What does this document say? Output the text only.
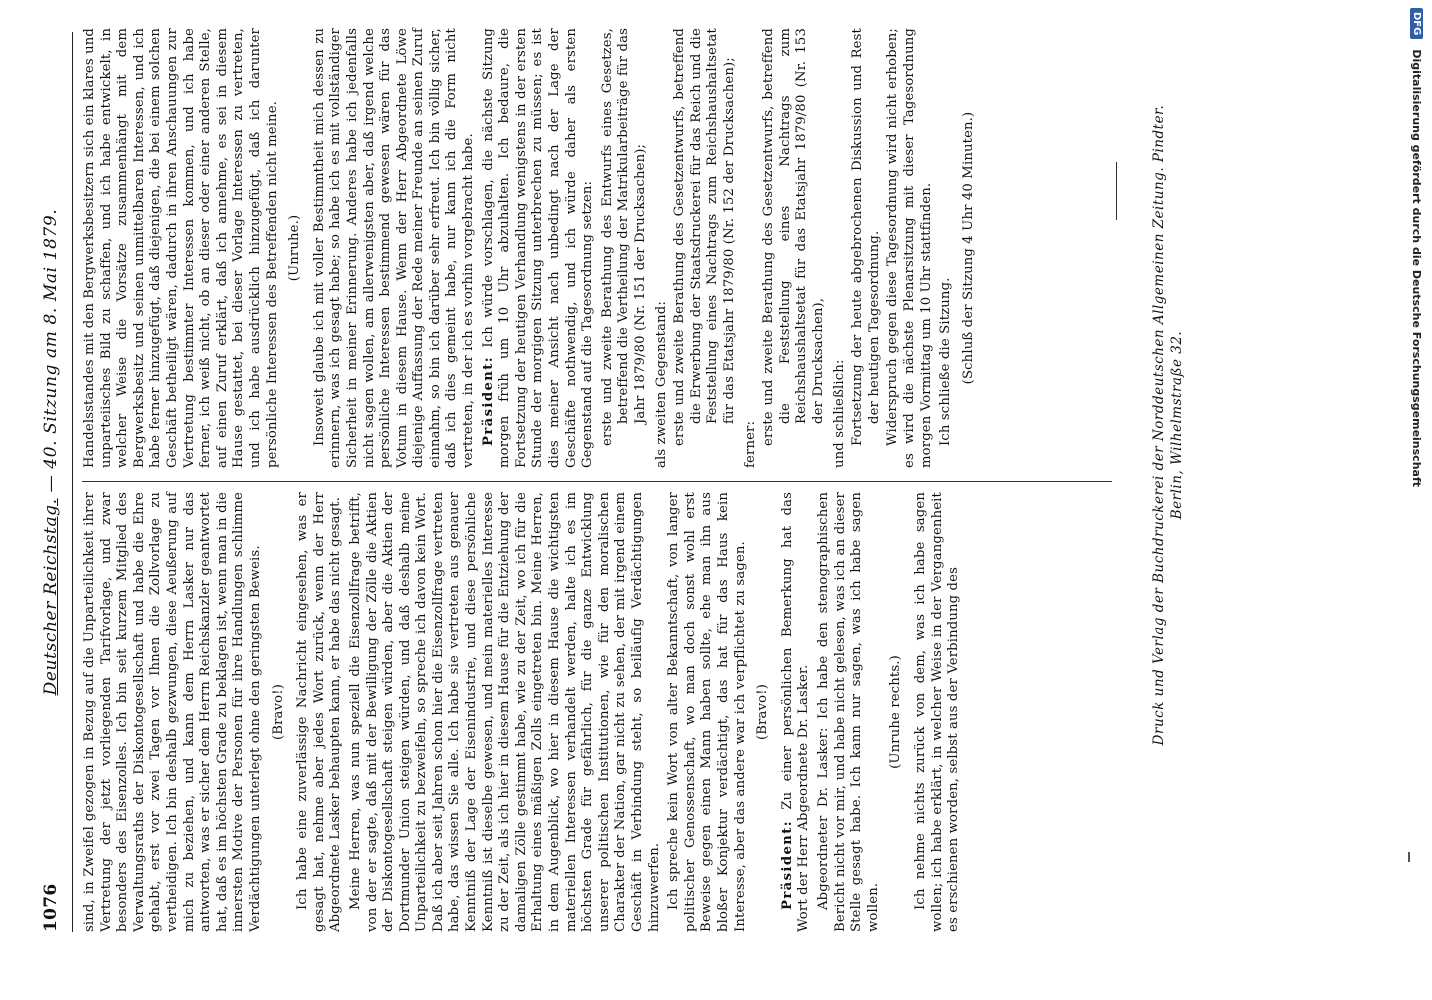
1076
Deutscher Reichstag. — 40. Sitzung am 8. Mai 1879.

sind, in Zweifel gezogen in Bezug auf die Unparteilichkeit ihrer Vertretung der jetzt vorliegenden Tarifvorlage, und zwar besonders des Eisenzolles. Ich bin seit kurzem Mitglied des Verwaltungsraths der Diskontogesellschaft und habe die Ehre gehabt, erst vor zwei Tagen vor Ihnen die Zollvorlage zu vertheidigen. Ich bin deshalb gezwungen, diese Aeußerung auf mich zu beziehen, und kann dem Herrn Lasker nur das antworten, was er sicher dem Herrn Reichskanzler geantwortet hat, daß es im höchsten Grade zu beklagen ist, wenn man in die innersten Motive der Personen für ihre Handlungen schlimme Verdächtigungen unterlegt ohne den geringsten Beweis. (Bravo!) Ich habe eine zuverlässige Nachricht eingesehen, was er gesagt hat, nehme aber jedes Wort zurück, wenn der Herr Abgeordnete Lasker behaupten kann, er habe das nicht gesagt. Meine Herren, was nun speziell die Eisenzollfrage betrifft, von der er sagte, daß mit der Bewilligung der Zölle die Aktien der Diskontogesellschaft steigen würden, aber die Aktien der Dortmunder Union steigen würden, und daß deshalb meine Unparteilichkeit zu bezweifeln, so spreche ich davon kein Wort. Daß ich aber seit Jahren schon hier die Eisenzollfrage vertreten habe, das wissen Sie alle. Ich habe sie vertreten aus genauer Kenntniß der Lage der Eisenindustrie, und diese persönliche Kenntniß ist dieselbe gewesen, und mein materielles Interesse zu der Zeit, als ich hier in diesem Hause für die Entziehung der damaligen Zölle gestimmt habe, wie zu der Zeit, wo ich für die Erhaltung eines mäßigen Zolls eingetreten bin. Meine Herren, in dem Augenblick, wo hier in diesem Hause die wichtigsten materiellen Interessen verhandelt werden, halte ich es im höchsten Grade für gefährlich, für die ganze Entwicklung unserer politischen Institutionen, wie für den moralischen Charakter der Nation, gar nicht zu sehen, der mit irgend einem Geschäft in Verbindung steht, so beiläufig Verdächtigungen hinzuwerfen. Ich spreche kein Wort von alter Bekanntschaft, von langer politischer Genossenschaft, wo man doch sonst wohl erst Beweise gegen einen Mann haben sollte, ehe man ihn aus bloßer Konjektur verdächtigt, das hat für das Haus kein Interesse, aber das andere war ich verpflichtet zu sagen. (Bravo!)

Präsident: Zu einer persönlichen Bemerkung hat das Wort der Herr Abgeordnete Dr. Lasker. Abgeordneter Dr. Lasker: Ich habe den stenographischen Bericht nicht vor mir, und habe nicht gelesen, was ich an dieser Stelle gesagt habe. Ich kann nur sagen, was ich habe sagen wollen.

(Unruhe rechts.) Ich nehme nichts zurück von dem, was ich habe sagen wollen; ich habe erklärt, in welcher Weise in der Vergangenheit es erschienen worden, selbst aus der Verbindung des

Handelsstandes mit den Bergwerksbesitzern sich ein klares und unparteiisches Bild zu schaffen, und ich habe entwickelt, in welcher Weise die Vorsätze zusammenhängt mit dem Bergwerksbesitz und seinen unmittelbaren Interessen, und ich habe ferner hinzugefügt, daß diejenigen, die bei einem solchen Geschäft betheiligt wären, dadurch in ihren Anschauungen zur Vertretung bestimmter Interessen kommen, und ich habe ferner, ich weiß nicht, ob an dieser oder einer anderen Stelle, auf einen Zuruf erklärt, daß ich annehme, es sei in diesem Hause gestattet, bei dieser Vorlage Interessen zu vertreten, und ich habe ausdrücklich hinzugefügt, daß ich darunter persönliche Interessen des Betreffenden nicht meine. (Unruhe.) Insoweit glaube ich mit voller Bestimmtheit mich dessen zu erinnern, was ich gesagt habe; so habe ich es mit vollständiger Sicherheit in meiner Erinnerung. Anderes habe ich jedenfalls nicht sagen wollen, am allerwenigsten aber, daß irgend welche persönliche Interessen bestimmend gewesen wären für das Votum in diesem Hause. Wenn der Herr Abgeordnete Löwe diejenige Auffassung der Rede meiner Freunde an seinen Zuruf einnahm, so bin ich darüber sehr erfreut. Ich bin völlig sicher, daß ich dies gemeint habe, nur kann ich die Form nicht vertreten, in der ich es vorhin vorgebracht habe. Präsident: Ich würde vorschlagen, die nächste Sitzung morgen früh um 10 Uhr abzuhalten. Ich bedaure, die Fortsetzung der heutigen Verhandlung wenigstens in der ersten Stunde der morgigen Sitzung unterbrechen zu müssen; es ist dies meiner Ansicht nach unbedingt nach der Lage der Geschäfte nothwendig, und ich würde daher als ersten Gegenstand auf die Tagesordnung setzen: erste und zweite Berathung des Entwurfs eines Gesetzes, betreffend die Vertheilung der Matrikularbeiträge für das Jahr 1879/80 (Nr. 151 der Drucksachen); als zweiten Gegenstand: erste und zweite Berathung des Gesetzentwurfs, betreffend die Erwerbung der Staatsdruckerei für das Reich und die Feststellung eines Nachtrags zum Reichshaushaltsetat für das Etatsjahr 1879/80 (Nr. 152 der Drucksachen);

ferner: erste und zweite Berathung des Gesetzentwurfs, betreffend die Feststellung eines Nachtrags zum Reichshaushaltsetat für das Etatsjahr 1879/80 (Nr. 153 der Drucksachen), und schließlich: Fortsetzung der heute abgebrochenen Diskussion und Rest der heutigen Tagesordnung. Widerspruch gegen diese Tagesordnung wird nicht erhoben; es wird die nächste Plenarsitzung mit dieser Tagesordnung morgen Vormittag um 10 Uhr stattfinden. Ich schließe die Sitzung. (Schluß der Sitzung 4 Uhr 40 Minuten.)	Druck und Verlag der Buchdruckerei der Norddeutschen Allgemeinen Zeitung. Pindter. Berlin, Wilhelmstraße 32.
DFG
Digitalisierung gefördert durch die Deutsche Forschungsgemeinschaft
